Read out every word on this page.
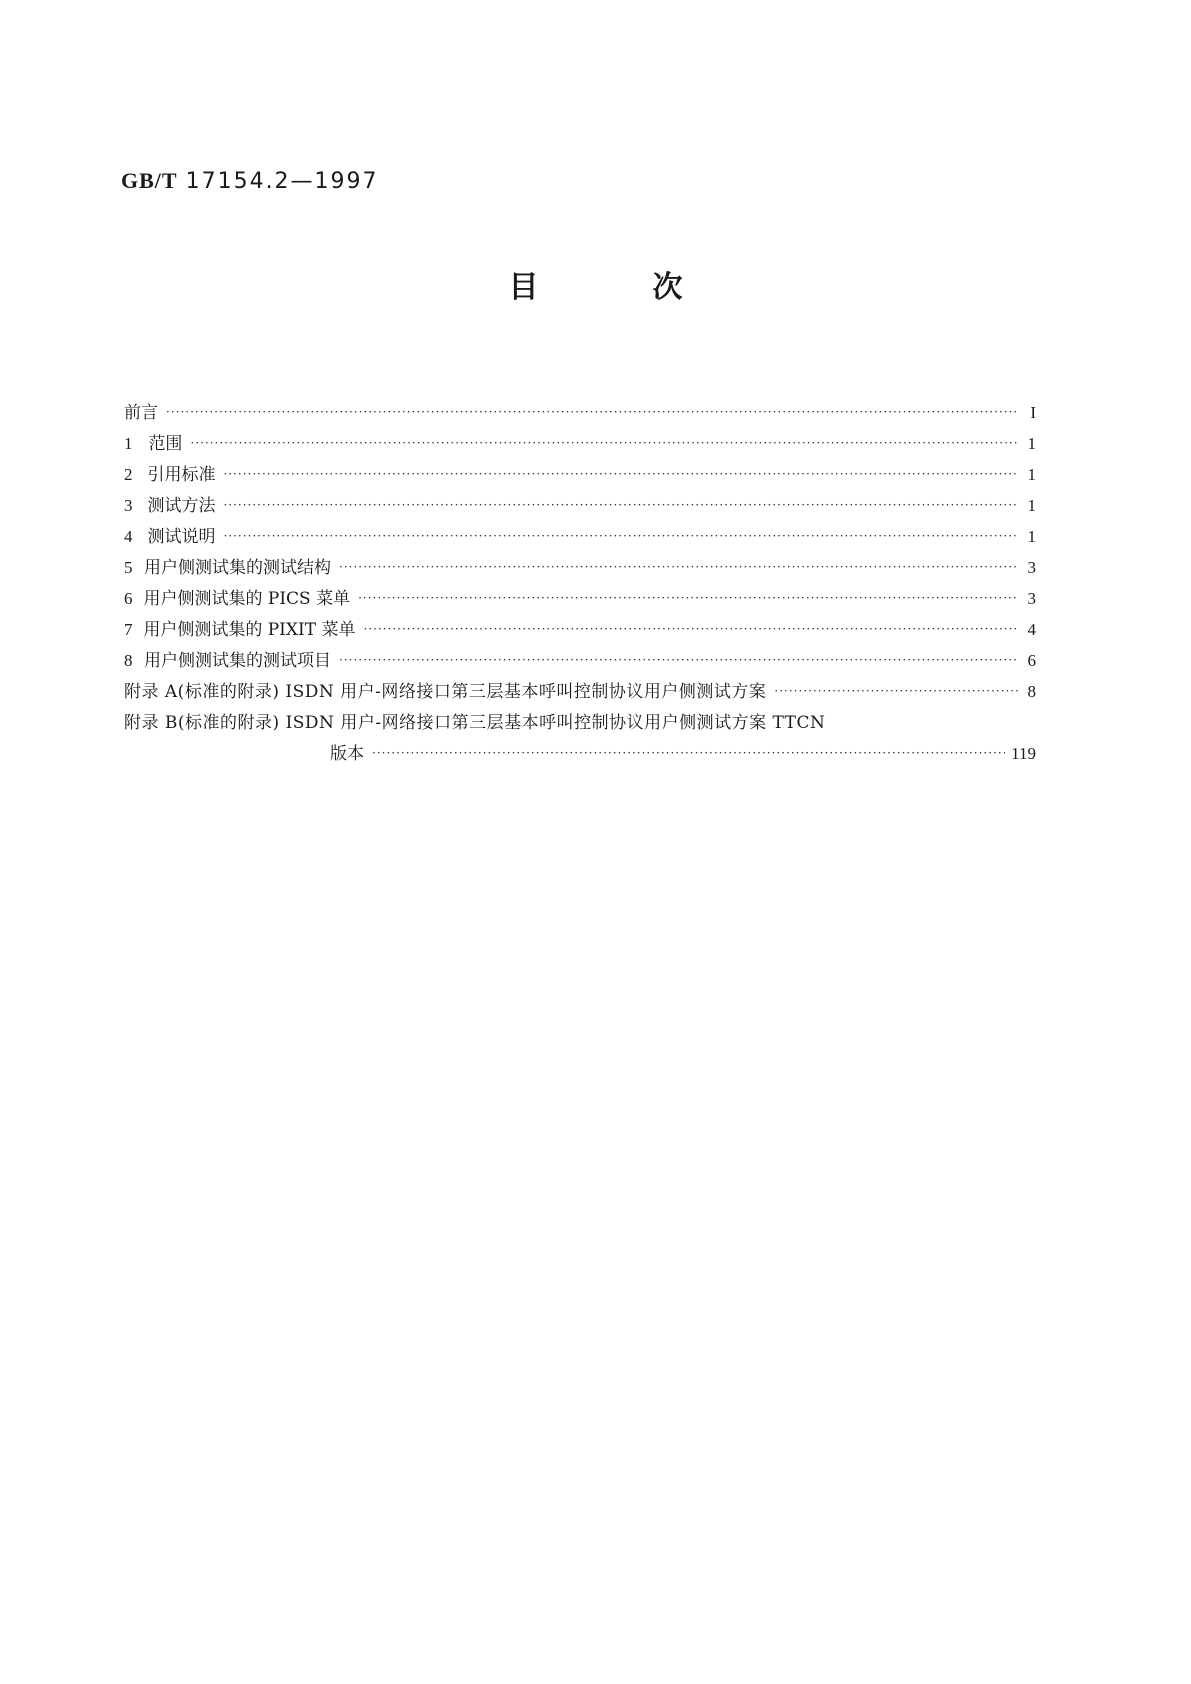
GB/T 17154.2—1997
目	次
前言 ·····	I
1 范围 ·····	1
2 引用标准 ·····	1
3 测试方法 ·····	1
4 测试说明 ·····	1
5 用户侧测试集的测试结构 ·····	3
6 用户侧测试集的 PICS 菜单 ·····	3
7 用户侧测试集的 PIXIT 菜单 ·····	4
8 用户侧测试集的测试项目 ·····	6
附录 A(标准的附录) ISDN 用户-网络接口第三层基本呼叫控制协议用户侧测试方案 ·····	8
附录 B(标准的附录) ISDN 用户-网络接口第三层基本呼叫控制协议用户侧测试方案 TTCN
版本 ·····	119
